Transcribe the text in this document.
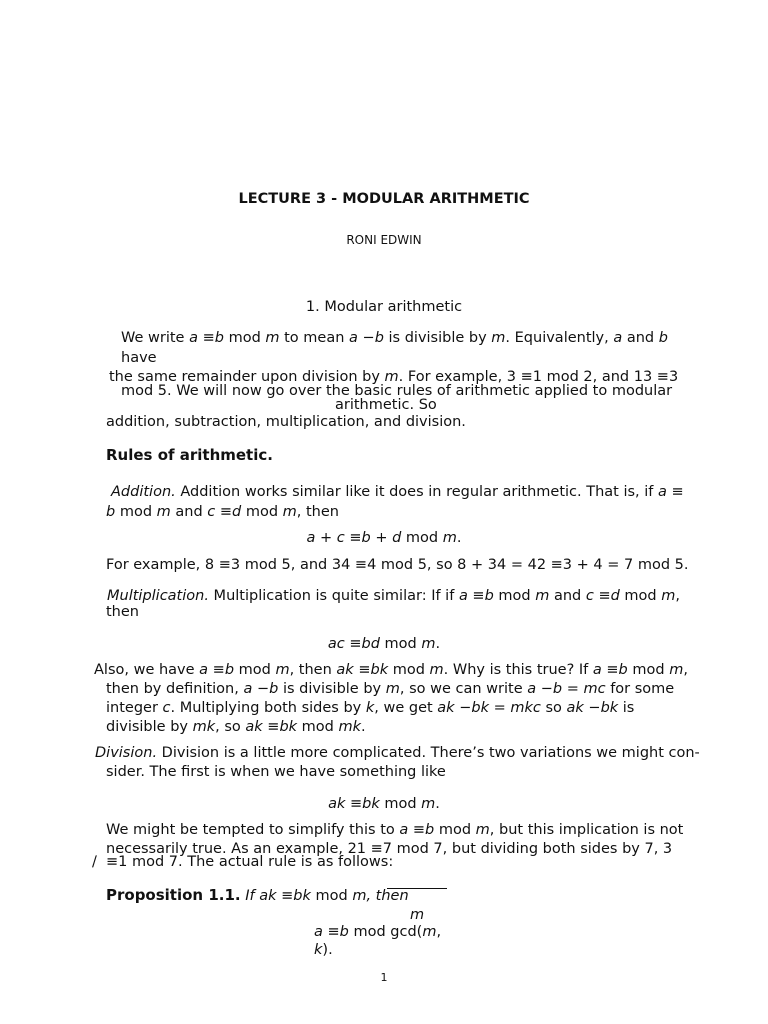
LECTURE 3 - MODULAR ARITHMETIC
RONI EDWIN
1. Modular arithmetic
We write a ≡b mod m to mean a −b is divisible by m. Equivalently, a and b
have
the same remainder upon division by m. For example, 3 ≡1 mod 2, and 13 ≡3
mod 5. We will now go over the basic rules of arithmetic applied to modular
arithmetic. So
addition, subtraction, multiplication, and division.
Rules of arithmetic.
Addition. Addition works similar like it does in regular arithmetic. That is, if a ≡
b mod m and c ≡d mod m, then
a + c ≡b + d mod m.
For example, 8 ≡3 mod 5, and 34 ≡4 mod 5, so 8 + 34 = 42 ≡3 + 4 = 7 mod 5.
Multiplication. Multiplication is quite similar: If if a ≡b mod m and c ≡d mod m,
then
ac ≡bd mod m.
Also, we have a ≡b mod m, then ak ≡bk mod m. Why is this true? If a ≡b mod m,
then by definition, a −b is divisible by m, so we can write a −b = mc for some
integer c. Multiplying both sides by k, we get ak −bk = mkc so ak −bk is
divisible by mk, so ak ≡bk mod mk.
Division. Division is a little more complicated. There’s two variations we might con-
sider. The first is when we have something like
ak ≡bk mod m.
We might be tempted to simplify this to a ≡b mod m, but this implication is not
necessarily true. As an example, 21 ≡7 mod 7, but dividing both sides by 7, 3
∕ ≡1 mod 7. The actual rule is as follows:
Proposition 1.1. If ak ≡bk mod m, then
m
a ≡b mod gcd(m,
k).
1
